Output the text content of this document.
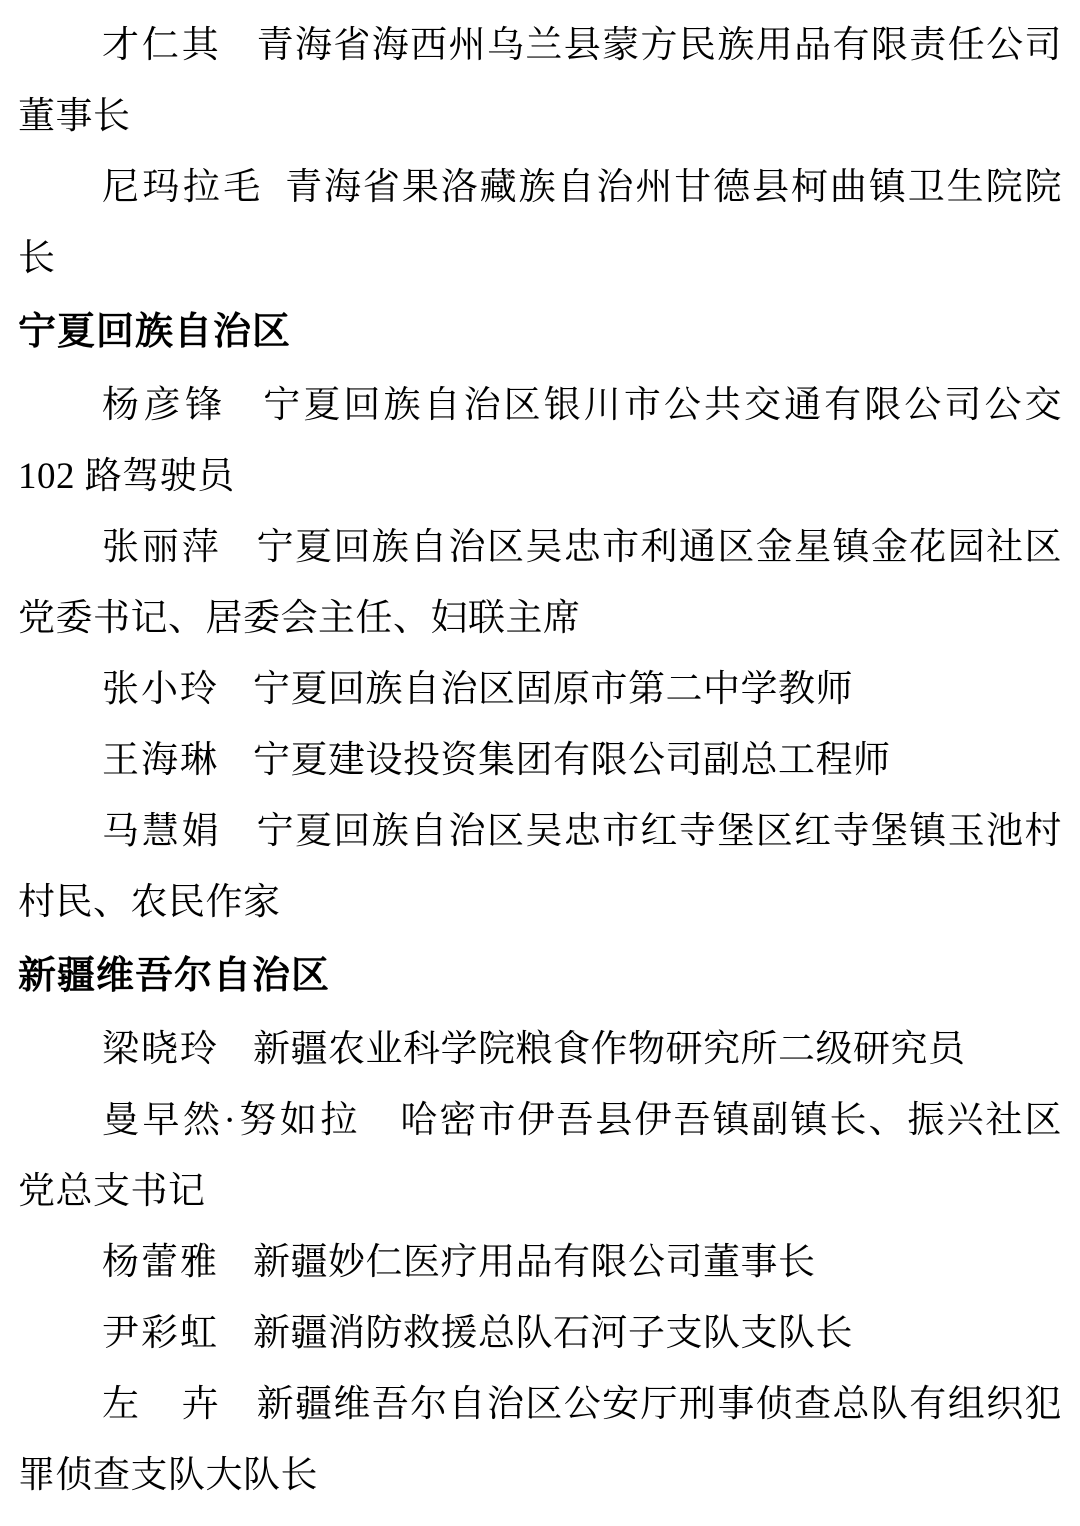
才仁其 青海省海西州乌兰县蒙方民族用品有限责任公司董事长

尼玛拉毛 青海省果洛藏族自治州甘德县柯曲镇卫生院院长

宁夏回族自治区

杨彦锋 宁夏回族自治区银川市公共交通有限公司公交 102 路驾驶员

张丽萍 宁夏回族自治区吴忠市利通区金星镇金花园社区党委书记、居委会主任、妇联主席

张小玲 宁夏回族自治区固原市第二中学教师

王海琳 宁夏建设投资集团有限公司副总工程师

马慧娟 宁夏回族自治区吴忠市红寺堡区红寺堡镇玉池村村民、农民作家

新疆维吾尔自治区

梁晓玲 新疆农业科学院粮食作物研究所二级研究员

曼早然·努如拉 哈密市伊吾县伊吾镇副镇长、振兴社区党总支书记

杨蕾雅 新疆妙仁医疗用品有限公司董事长

尹彩虹 新疆消防救援总队石河子支队支队长

左　卉 新疆维吾尔自治区公安厅刑事侦查总队有组织犯罪侦查支队大队长
